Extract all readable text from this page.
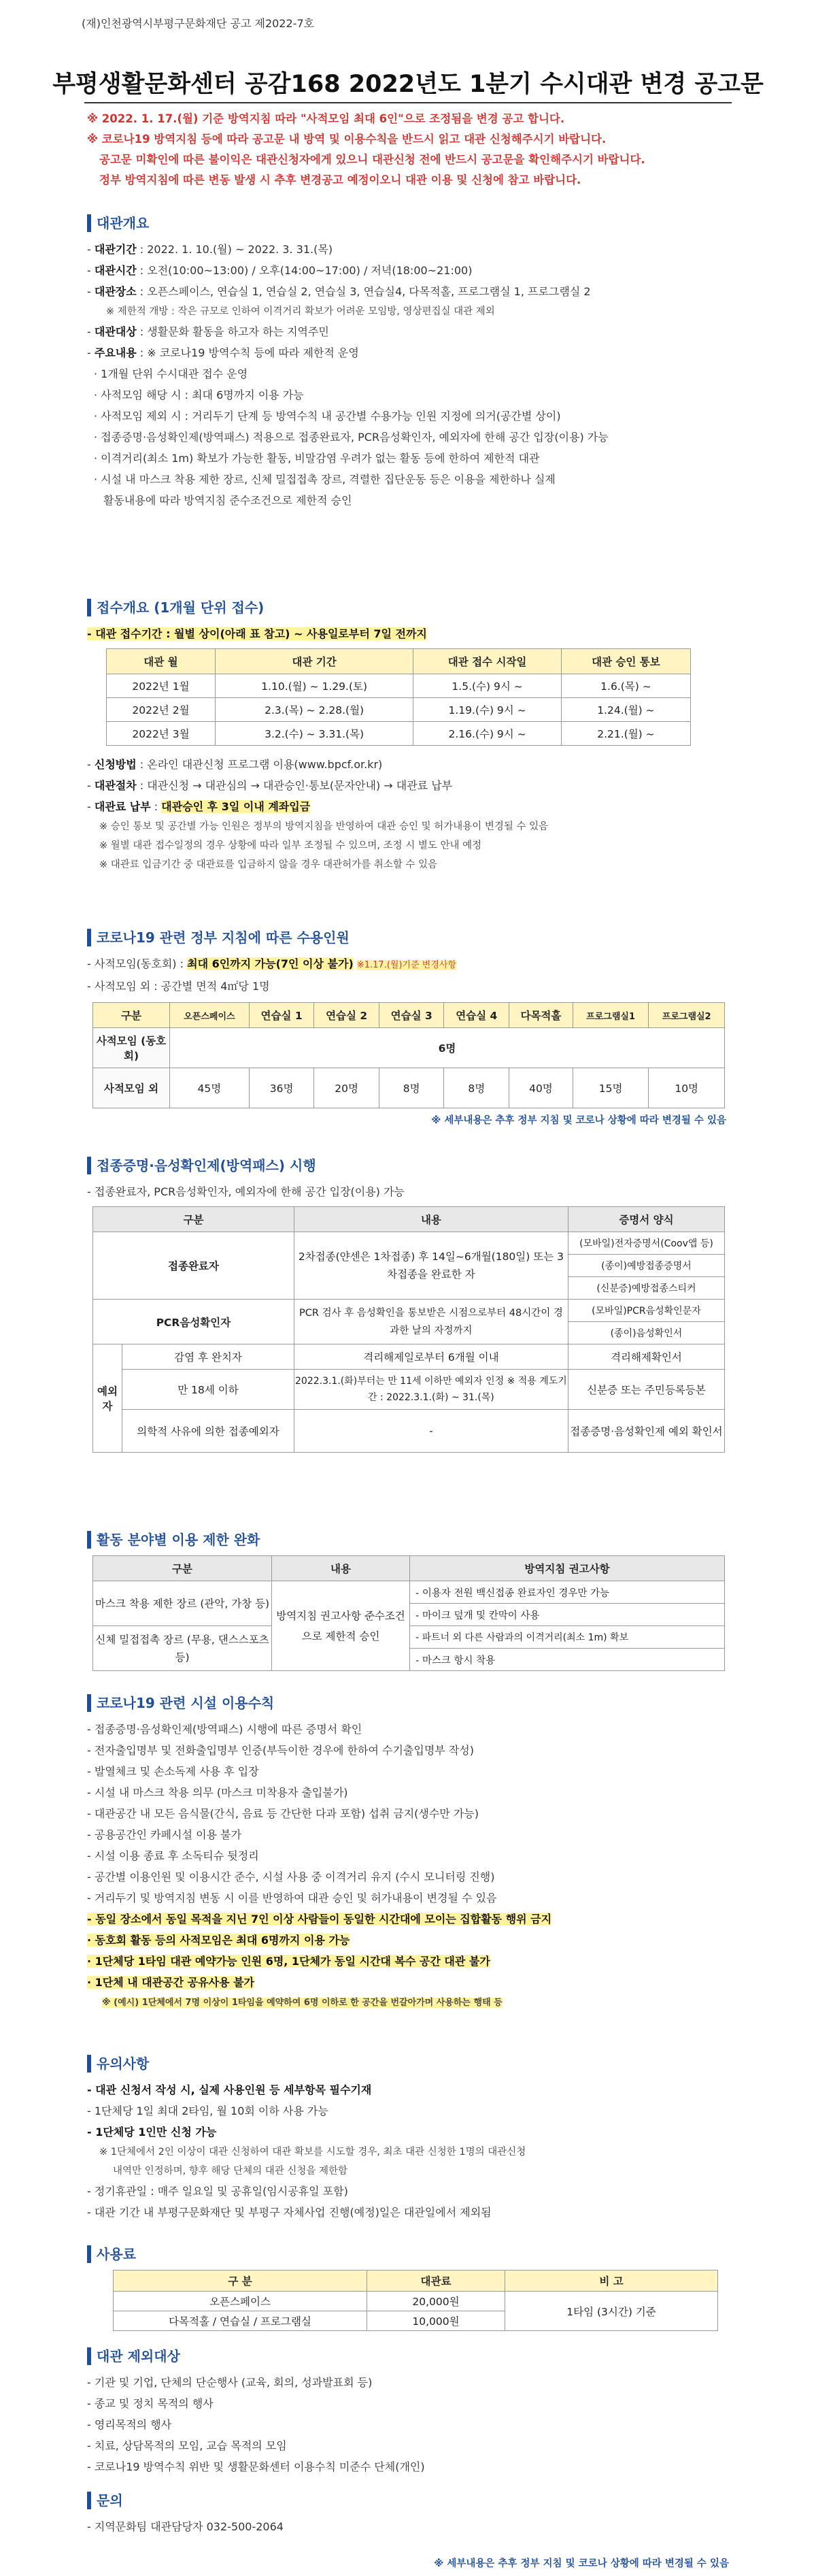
(재)인천광역시부평구문화재단 공고 제2022-7호
부평생활문화센터 공감168 2022년도 1분기 수시대관 변경 공고문
※ 2022. 1. 17.(월) 기준 방역지침 따라 "사적모임 최대 6인"으로 조정됨을 변경 공고 합니다.
※ 코로나19 방역지침 등에 따라 공고문 내 방역 및 이용수칙을 반드시 읽고 대관 신청해주시기 바랍니다.
공고문 미확인에 따른 불이익은 대관신청자에게 있으니 대관신청 전에 반드시 공고문을 확인해주시기 바랍니다.
정부 방역지침에 따른 변동 발생 시 추후 변경공고 예정이오니 대관 이용 및 신청에 참고 바랍니다.
대관개요
- 대관기간 : 2022. 1. 10.(월) ~ 2022. 3. 31.(목)
- 대관시간 : 오전(10:00~13:00) / 오후(14:00~17:00) / 저녁(18:00~21:00)
- 대관장소 : 오픈스페이스, 연습실 1, 연습실 2, 연습실 3, 연습실4, 다목적홀, 프로그램실 1, 프로그램실 2
※ 제한적 개방 : 작은 규모로 인하여 이격거리 확보가 어려운 모임방, 영상편집실 대관 제외
- 대관대상 : 생활문화 활동을 하고자 하는 지역주민
- 주요내용 : ※ 코로나19 방역수칙 등에 따라 제한적 운영
· 1개월 단위 수시대관 접수 운영
· 사적모임 해당 시 : 최대 6명까지 이용 가능
· 사적모임 제외 시 : 거리두기 단계 등 방역수칙 내 공간별 수용가능 인원 지정에 의거(공간별 상이)
· 접종증명·음성확인제(방역패스) 적용으로 접종완료자, PCR음성확인자, 예외자에 한해 공간 입장(이용) 가능
· 이격거리(최소 1m) 확보가 가능한 활동, 비말감염 우려가 없는 활동 등에 한하여 제한적 대관
· 시설 내 마스크 착용 제한 장르, 신체 밀접접촉 장르, 격렬한 집단운동 등은 이용을 제한하나 실제
활동내용에 따라 방역지침 준수조건으로 제한적 승인
접수개요 (1개월 단위 접수)
- 대관 접수기간 : 월별 상이(아래 표 참고) ~ 사용일로부터 7일 전까지
대관 월	대관 기간	대관 접수 시작일	대관 승인 통보
2022년 1월	1.10.(월) ~ 1.29.(토)	1.5.(수) 9시 ~	1.6.(목) ~
2022년 2월	2.3.(목) ~ 2.28.(월)	1.19.(수) 9시 ~	1.24.(월) ~
2022년 3월	3.2.(수) ~ 3.31.(목)	2.16.(수) 9시 ~	2.21.(월) ~
- 신청방법 : 온라인 대관신청 프로그램 이용(www.bpcf.or.kr)
- 대관절차 : 대관신청 → 대관심의 → 대관승인·통보(문자안내) → 대관료 납부
- 대관료 납부 : 대관승인 후 3일 이내 계좌입금
※ 승인 통보 및 공간별 가능 인원은 정부의 방역지침을 반영하여 대관 승인 및 허가내용이 변경될 수 있음
※ 월별 대관 접수일정의 경우 상황에 따라 일부 조정될 수 있으며, 조정 시 별도 안내 예정
※ 대관료 입금기간 중 대관료를 입금하지 않을 경우 대관허가를 취소할 수 있음
코로나19 관련 정부 지침에 따른 수용인원
- 사적모임(동호회) : 최대 6인까지 가능(7인 이상 불가) ※1.17.(월)기준 변경사항
- 사적모임 외 : 공간별 면적 4㎡당 1명
구분	오픈스페이스	연습실 1	연습실 2	연습실 3	연습실 4	다목적홀	프로그램실1	프로그램실2
사적모임 (동호회)	6명							
사적모임 외	45명	36명	20명	8명	8명	40명	15명	10명
※ 세부내용은 추후 정부 지침 및 코로나 상황에 따라 변경될 수 있음
접종증명·음성확인제(방역패스) 시행
- 접종완료자, PCR음성확인자, 예외자에 한해 공간 입장(이용) 가능
구분		내용	증명서 양식
접종완료자		2차접종(얀센은 1차접종) 후 14일~6개월(180일) 또는 3차접종을 완료한 자	(모바일)전자증명서(Coov앱 등)
			(종이)예방접종증명서
			(신분증)예방접종스티커
PCR음성확인자		PCR 검사 후 음성확인을 통보받은 시점으로부터 48시간이 경과한 날의 자정까지	(모바일)PCR음성확인문자
			(종이)음성확인서
예외자	감염 후 완치자	격리해제일로부터 6개월 이내	격리해제확인서
	만 18세 이하	2022.3.1.(화)부터는 만 11세 이하만 예외자 인정 ※ 적용 계도기간 : 2022.3.1.(화) ~ 31.(목)	신분증 또는 주민등록등본
	의학적 사유에 의한 접종예외자	-	접종증명·음성확인제 예외 확인서
활동 분야별 이용 제한 완화
구분	내용	방역지침 권고사항
마스크 착용 제한 장르 (관악, 가창 등)	방역지침 권고사항 준수조건으로 제한적 승인	- 이용자 전원 백신접종 완료자인 경우만 가능
		- 마이크 덮개 및 칸막이 사용
신체 밀접접촉 장르 (무용, 댄스스포츠 등)		- 파트너 외 다른 사람과의 이격거리(최소 1m) 확보
		- 마스크 항시 착용
코로나19 관련 시설 이용수칙
- 접종증명·음성확인제(방역패스) 시행에 따른 증명서 확인
- 전자출입명부 및 전화출입명부 인증(부득이한 경우에 한하여 수기출입명부 작성)
- 발열체크 및 손소독제 사용 후 입장
- 시설 내 마스크 착용 의무 (마스크 미착용자 출입불가)
- 대관공간 내 모든 음식물(간식, 음료 등 간단한 다과 포함) 섭취 금지(생수만 가능)
- 공용공간인 카페시설 이용 불가
- 시설 이용 종료 후 소독티슈 뒷정리
- 공간별 이용인원 및 이용시간 준수, 시설 사용 중 이격거리 유지 (수시 모니터링 진행)
- 거리두기 및 방역지침 변동 시 이를 반영하여 대관 승인 및 허가내용이 변경될 수 있음
- 동일 장소에서 동일 목적을 지닌 7인 이상 사람들이 동일한 시간대에 모이는 집합활동 행위 금지
· 동호회 활동 등의 사적모임은 최대 6명까지 이용 가능
· 1단체당 1타임 대관 예약가능 인원 6명, 1단체가 동일 시간대 복수 공간 대관 불가
· 1단체 내 대관공간 공유사용 불가
※ (예시) 1단체에서 7명 이상이 1타임을 예약하여 6명 이하로 한 공간을 번갈아가며 사용하는 행태 등
유의사항
- 대관 신청서 작성 시, 실제 사용인원 등 세부항목 필수기재
- 1단체당 1일 최대 2타임, 월 10회 이하 사용 가능
- 1단체당 1인만 신청 가능
※ 1단체에서 2인 이상이 대관 신청하여 대관 확보를 시도할 경우, 최초 대관 신청한 1명의 대관신청
내역만 인정하며, 향후 해당 단체의 대관 신청을 제한함
- 정기휴관일 : 매주 일요일 및 공휴일(임시공휴일 포함)
- 대관 기간 내 부평구문화재단 및 부평구 자체사업 진행(예정)일은 대관일에서 제외됨
사용료
구 분	대관료	비 고
오픈스페이스	20,000원	1타임 (3시간) 기준
다목적홀 / 연습실 / 프로그램실	10,000원	
대관 제외대상
- 기관 및 기업, 단체의 단순행사 (교육, 회의, 성과발표회 등)
- 종교 및 정치 목적의 행사
- 영리목적의 행사
- 치료, 상담목적의 모임, 교습 목적의 모임
- 코로나19 방역수칙 위반 및 생활문화센터 이용수칙 미준수 단체(개인)
문의
- 지역문화팀 대관담당자 032-500-2064
※ 세부내용은 추후 정부 지침 및 코로나 상황에 따라 변경될 수 있음
